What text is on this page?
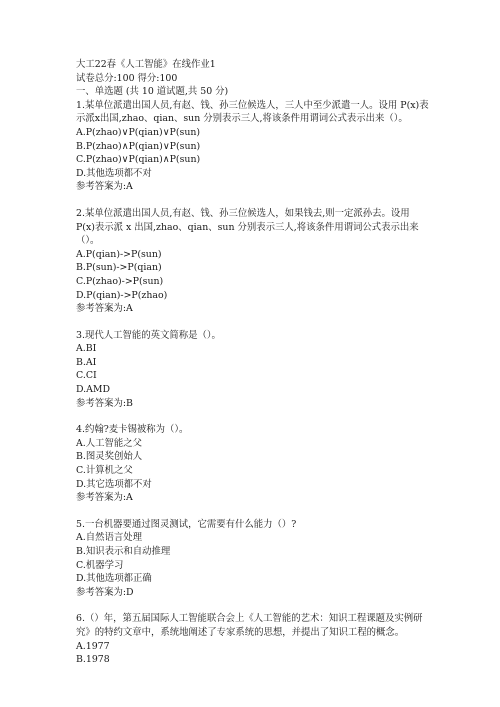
大工22春《人工智能》在线作业1
试卷总分:100 得分:100
一、单选题 (共 10 道试题,共 50 分)
1.某单位派遣出国人员,有赵、钱、孙三位候选人，三人中至少派遣一人。设用 P(x)表示派x出国,zhao、qian、sun 分别表示三人,将该条件用谓词公式表示出来（）。
A.P(zhao)∨P(qian)∨P(sun)
B.P(zhao)∧P(qian)∨P(sun)
C.P(zhao)∨P(qian)∧P(sun)
D.其他选项都不对
参考答案为:A
2.某单位派遣出国人员,有赵、钱、孙三位候选人，如果钱去,则一定派孙去。设用 P(x)表示派 x 出国,zhao、qian、sun 分别表示三人,将该条件用谓词公式表示出来（）。
A.P(qian)->P(sun)
B.P(sun)->P(qian)
C.P(zhao)->P(sun)
D.P(qian)->P(zhao)
参考答案为:A
3.现代人工智能的英文简称是（）。
A.BI
B.AI
C.CI
D.AMD
参考答案为:B
4.约翰?麦卡锡被称为（）。
A.人工智能之父
B.图灵奖创始人
C.计算机之父
D.其它选项都不对
参考答案为:A
5.一台机器要通过图灵测试，它需要有什么能力（）?
A.自然语言处理
B.知识表示和自动推理
C.机器学习
D.其他选项都正确
参考答案为:D
6.（）年，第五届国际人工智能联合会上《人工智能的艺术：知识工程课题及实例研究》的特约文章中，系统地阐述了专家系统的思想，并提出了知识工程的概念。
A.1977
B.1978
